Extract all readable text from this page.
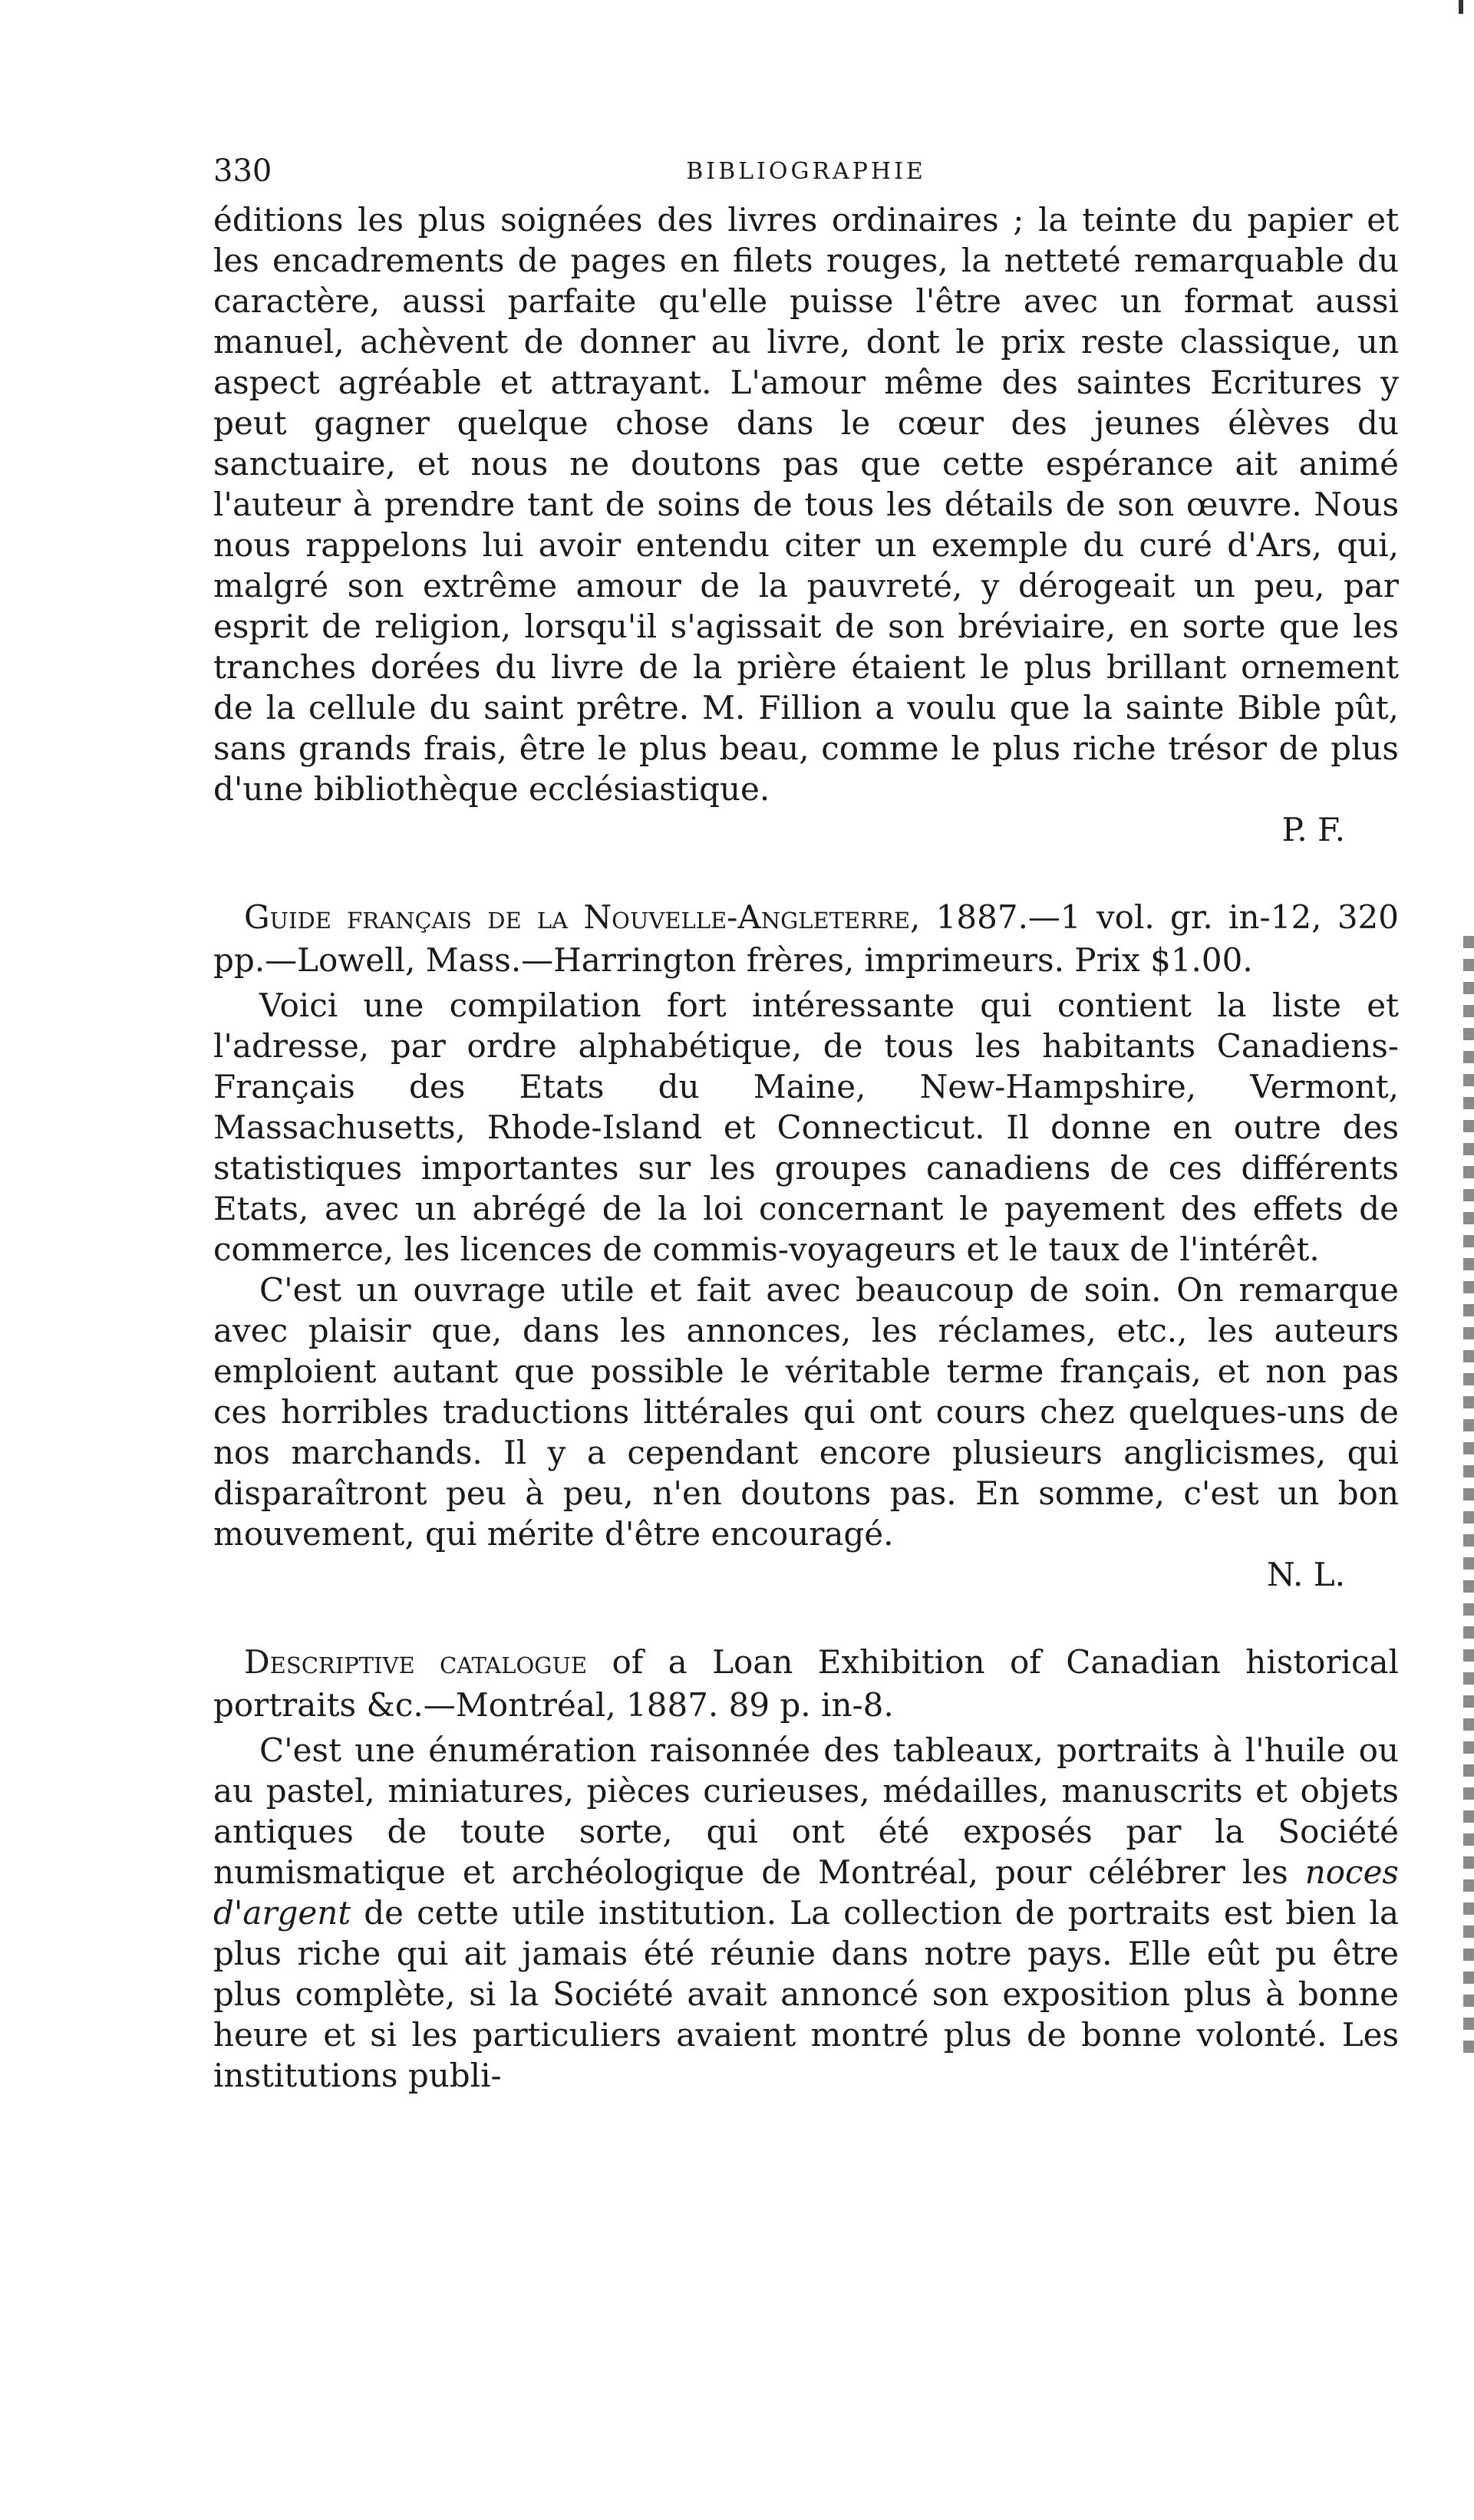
330	BIBLIOGRAPHIE

éditions les plus soignées des livres ordinaires ; la teinte du papier et les encadrements de pages en filets rouges, la netteté remarquable du caractère, aussi parfaite qu'elle puisse l'être avec un format aussi manuel, achèvent de donner au livre, dont le prix reste classique, un aspect agréable et attrayant. L'amour même des saintes Ecritures y peut gagner quelque chose dans le cœur des jeunes élèves du sanctuaire, et nous ne doutons pas que cette espérance ait animé l'auteur à prendre tant de soins de tous les détails de son œuvre. Nous nous rappelons lui avoir entendu citer un exemple du curé d'Ars, qui, malgré son extrême amour de la pauvreté, y dérogeait un peu, par esprit de religion, lorsqu'il s'agissait de son bréviaire, en sorte que les tranches dorées du livre de la prière étaient le plus brillant ornement de la cellule du saint prêtre. M. Fillion a voulu que la sainte Bible pût, sans grands frais, être le plus beau, comme le plus riche trésor de plus d'une bibliothèque ecclésiastique.

P. F.

Guide français de la Nouvelle-Angleterre, 1887.—1 vol. gr. in-12, 320 pp.—Lowell, Mass.—Harrington frères, imprimeurs. Prix $1.00.

Voici une compilation fort intéressante qui contient la liste et l'adresse, par ordre alphabétique, de tous les habitants Canadiens-Français des Etats du Maine, New-Hampshire, Vermont, Massachusetts, Rhode-Island et Connecticut. Il donne en outre des statistiques importantes sur les groupes canadiens de ces différents Etats, avec un abrégé de la loi concernant le payement des effets de commerce, les licences de commis-voyageurs et le taux de l'intérêt.

C'est un ouvrage utile et fait avec beaucoup de soin. On remarque avec plaisir que, dans les annonces, les réclames, etc., les auteurs emploient autant que possible le véritable terme français, et non pas ces horribles traductions littérales qui ont cours chez quelques-uns de nos marchands. Il y a cependant encore plusieurs anglicismes, qui disparaîtront peu à peu, n'en doutons pas. En somme, c'est un bon mouvement, qui mérite d'être encouragé.

N. L.

Descriptive catalogue of a Loan Exhibition of Canadian historical portraits &c.—Montréal, 1887. 89 p. in-8.

C'est une énumération raisonnée des tableaux, portraits à l'huile ou au pastel, miniatures, pièces curieuses, médailles, manuscrits et objets antiques de toute sorte, qui ont été exposés par la Société numismatique et archéologique de Montréal, pour célébrer les noces d'argent de cette utile institution. La collection de portraits est bien la plus riche qui ait jamais été réunie dans notre pays. Elle eût pu être plus complète, si la Société avait annoncé son exposition plus à bonne heure et si les particuliers avaient montré plus de bonne volonté. Les institutions publi-
